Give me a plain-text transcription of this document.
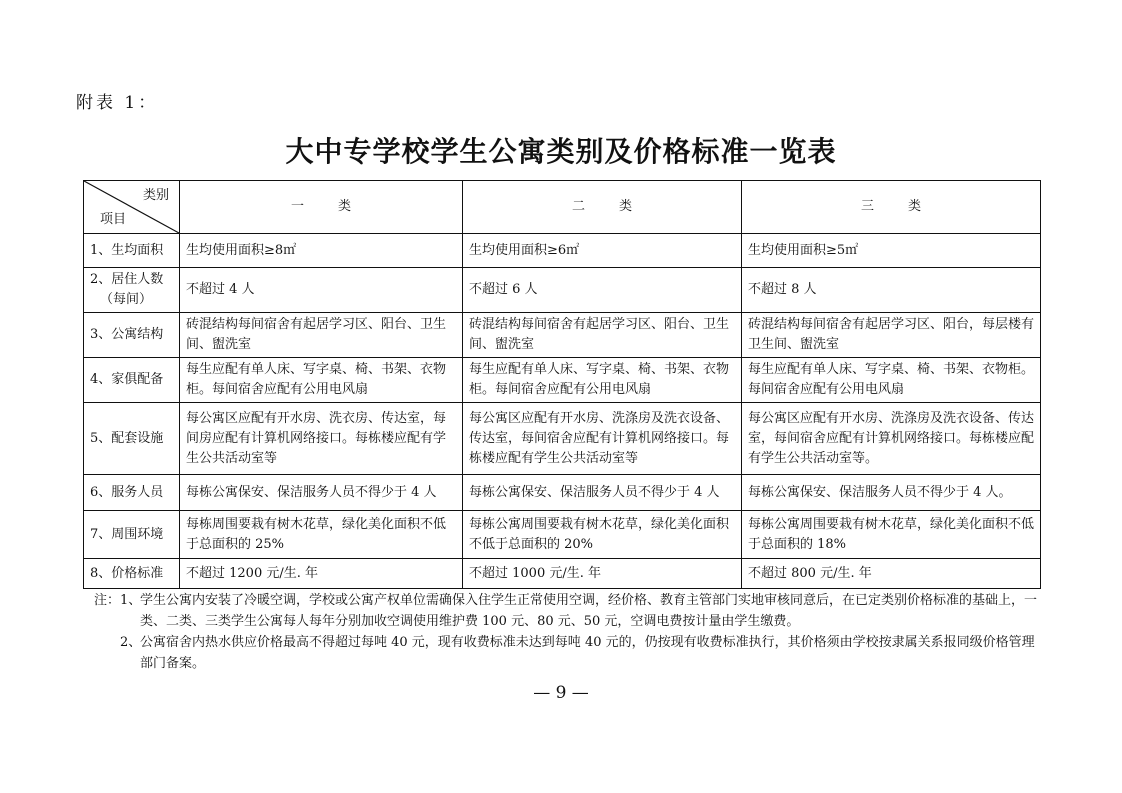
附表 1：
大中专学校学生公寓类别及价格标准一览表
类别
项目	一 类	二 类	三 类
1、生均面积	生均使用面积≥8㎡	生均使用面积≥6㎡	生均使用面积≥5㎡
2、居住人数
（每间）	不超过 4 人	不超过 6 人	不超过 8 人
3、公寓结构	砖混结构每间宿舍有起居学习区、阳台、卫生间、盥洗室	砖混结构每间宿舍有起居学习区、阳台、卫生间、盥洗室	砖混结构每间宿舍有起居学习区、阳台，每层楼有卫生间、盥洗室
4、家俱配备	每生应配有单人床、写字桌、椅、书架、衣物柜。每间宿舍应配有公用电风扇	每生应配有单人床、写字桌、椅、书架、衣物柜。每间宿舍应配有公用电风扇	每生应配有单人床、写字桌、椅、书架、衣物柜。每间宿舍应配有公用电风扇
5、配套设施	每公寓区应配有开水房、洗衣房、传达室，每间房应配有计算机网络接口。每栋楼应配有学生公共活动室等	每公寓区应配有开水房、洗涤房及洗衣设备、传达室，每间宿舍应配有计算机网络接口。每栋楼应配有学生公共活动室等	每公寓区应配有开水房、洗涤房及洗衣设备、传达室，每间宿舍应配有计算机网络接口。每栋楼应配有学生公共活动室等。
6、服务人员	每栋公寓保安、保洁服务人员不得少于 4 人	每栋公寓保安、保洁服务人员不得少于 4 人	每栋公寓保安、保洁服务人员不得少于 4 人。
7、周围环境	每栋周围要栽有树木花草，绿化美化面积不低于总面积的 25%	每栋公寓周围要栽有树木花草，绿化美化面积不低于总面积的 20%	每栋公寓周围要栽有树木花草，绿化美化面积不低于总面积的 18%
8、价格标准	不超过 1200 元/生. 年	不超过 1000 元/生. 年	不超过 800 元/生. 年
注： 1、
学生公寓内安装了冷暖空调，学校或公寓产权单位需确保入住学生正常使用空调，经价格、教育主管部门实地审核同意后，在已定类别价格标准的基础上，一类、二类、三类学生公寓每人每年分别加收空调使用维护费 100 元、80 元、50 元，空调电费按计量由学生缴费。
2、
公寓宿舍内热水供应价格最高不得超过每吨 40 元，现有收费标准未达到每吨 40 元的，仍按现有收费标准执行，其价格须由学校按隶属关系报同级价格管理部门备案。
— 9 —
